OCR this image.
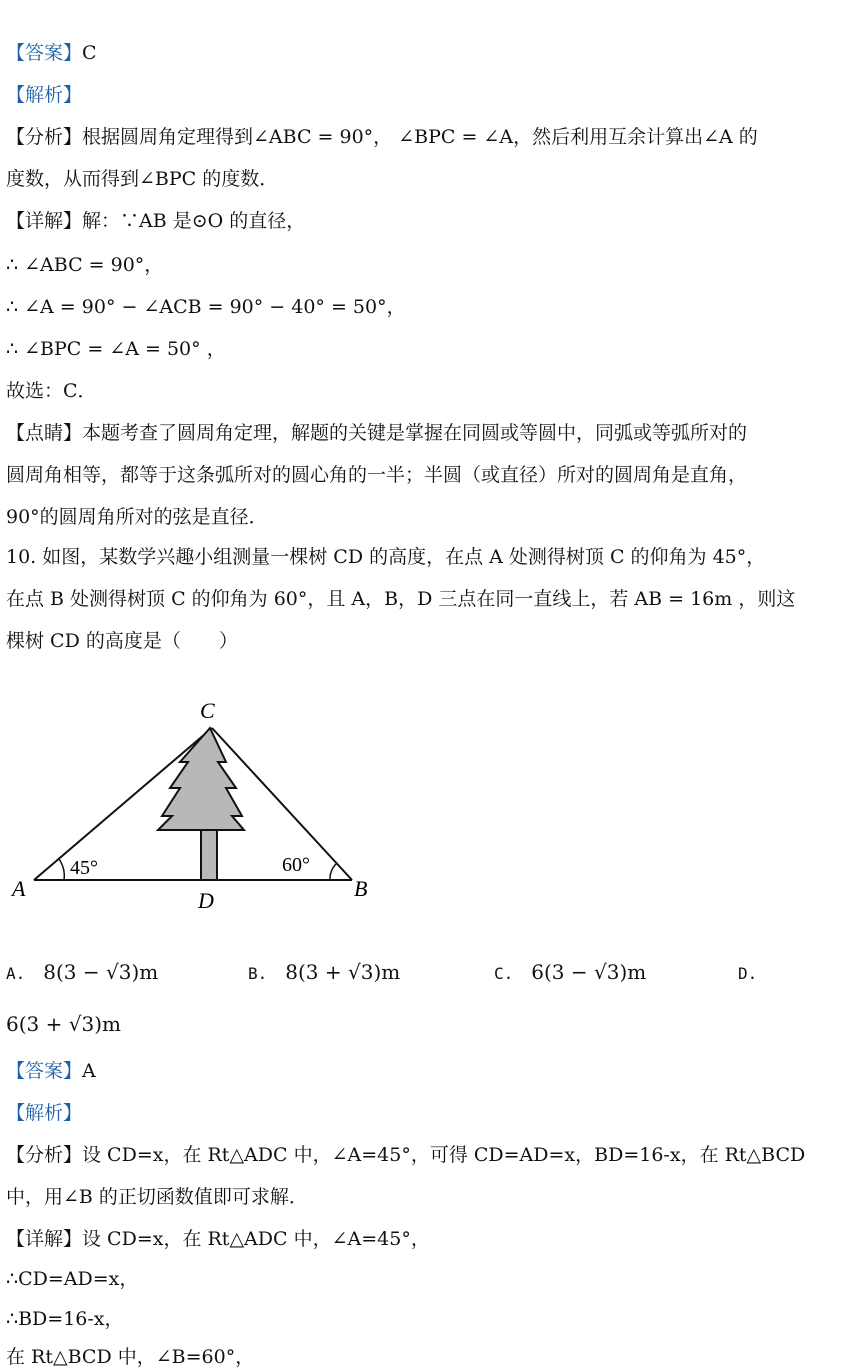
【答案】C
【解析】
【分析】根据圆周角定理得到∠ABC = 90°， ∠BPC = ∠A，然后利用互余计算出∠A 的
度数，从而得到∠BPC 的度数．
【详解】解：∵AB 是⊙O 的直径，
∴ ∠ABC = 90°，
∴ ∠A = 90° − ∠ACB = 90° − 40° = 50°，
∴ ∠BPC = ∠A = 50° ，
故选：C．
【点睛】本题考查了圆周角定理，解题的关键是掌握在同圆或等圆中，同弧或等弧所对的
圆周角相等，都等于这条弧所对的圆心角的一半；半圆（或直径）所对的圆周角是直角，
90°的圆周角所对的弦是直径．
10. 如图，某数学兴趣小组测量一棵树 CD 的高度，在点 A 处测得树顶 C 的仰角为 45°，
在点 B 处测得树顶 C 的仰角为 60°，且 A，B，D 三点在同一直线上，若 AB = 16m ，则这
棵树 CD 的高度是（　　）
A	B
C
D
45°	60°
A. 8(3 − √3)m	B. 8(3 + √3)m	C. 6(3 − √3)m	D.
6(3 + √3)m
【答案】A
【解析】
【分析】设 CD=x，在 Rt△ADC 中，∠A=45°，可得 CD=AD=x，BD=16-x，在 Rt△BCD
中，用∠B 的正切函数值即可求解．
【详解】设 CD=x，在 Rt△ADC 中，∠A=45°，
∴CD=AD=x，
∴BD=16-x，
在 Rt△BCD 中，∠B=60°，
